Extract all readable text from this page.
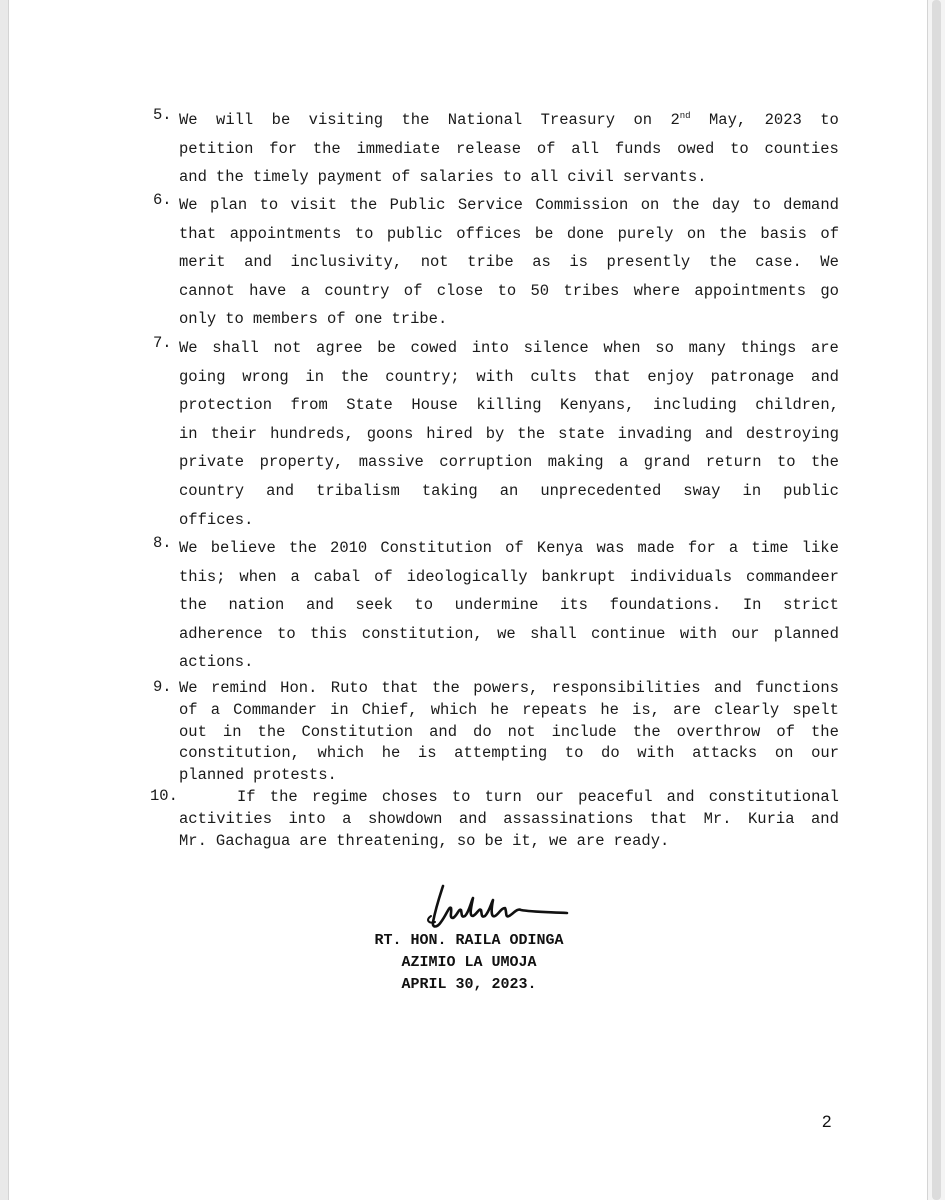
5. We will be visiting the National Treasury on 2nd May, 2023 to
petition for the immediate release of all funds owed to counties
and the timely payment of salaries to all civil servants.
6. We plan to visit the Public Service Commission on the day to demand
that appointments to public offices be done purely on the basis of
merit and inclusivity, not tribe as is presently the case. We
cannot have a country of close to 50 tribes where appointments go
only to members of one tribe.
7. We shall not agree be cowed into silence when so many things are
going wrong in the country; with cults that enjoy patronage and
protection from State House killing Kenyans, including children,
in their hundreds, goons hired by the state invading and destroying
private property, massive corruption making a grand return to the
country and tribalism taking an unprecedented sway in public
offices.
8. We believe the 2010 Constitution of Kenya was made for a time like
this; when a cabal of ideologically bankrupt individuals commandeer
the nation and seek to undermine its foundations. In strict
adherence to this constitution, we shall continue with our planned
actions.
9. We remind Hon. Ruto that the powers, responsibilities and functions
of a Commander in Chief, which he repeats he is, are clearly spelt
out in the Constitution and do not include the overthrow of the
constitution, which he is attempting to do with attacks on our
planned protests.
10.	If the regime choses to turn our peaceful and constitutional
activities into a showdown and assassinations that Mr. Kuria and
Mr. Gachagua are threatening, so be it, we are ready.
RT. HON. RAILA ODINGA
AZIMIO LA UMOJA
APRIL 30, 2023.
2
